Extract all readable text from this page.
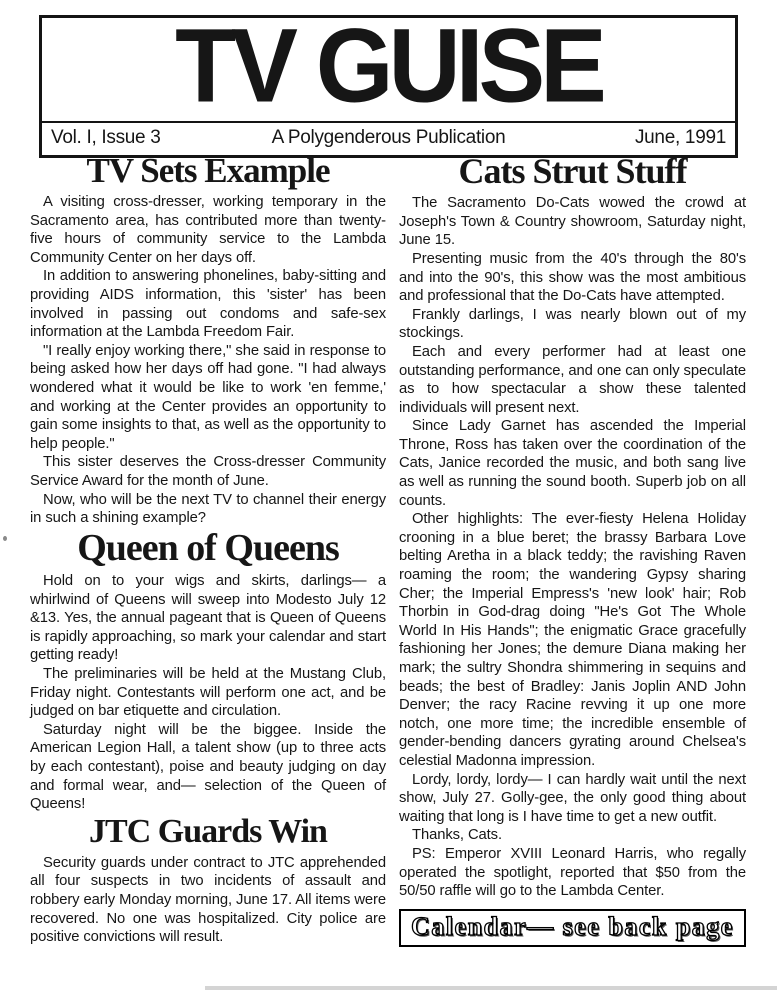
TV GUISE
Vol. I, Issue 3	A Polygenderous Publication	June, 1991
TV Sets Example

A visiting cross-dresser, working temporary in the Sacramento area, has contributed more than twenty-five hours of community service to the Lambda Community Center on her days off.

In addition to answering phonelines, baby-sitting and providing AIDS information, this 'sister' has been involved in passing out condoms and safe-sex information at the Lambda Freedom Fair.

"I really enjoy working there," she said in response to being asked how her days off had gone. "I had always wondered what it would be like to work 'en femme,' and working at the Center provides an opportunity to gain some insights to that, as well as the opportunity to help people."

This sister deserves the Cross-dresser Community Service Award for the month of June.

Now, who will be the next TV to channel their energy in such a shining example?

Queen of Queens

Hold on to your wigs and skirts, darlings— a whirlwind of Queens will sweep into Modesto July 12 &13. Yes, the annual pageant that is Queen of Queens is rapidly approaching, so mark your calendar and start getting ready!

The preliminaries will be held at the Mustang Club, Friday night. Contestants will perform one act, and be judged on bar etiquette and circulation.

Saturday night will be the biggee. Inside the American Legion Hall, a talent show (up to three acts by each contestant), poise and beauty judging on day and formal wear, and— selection of the Queen of Queens!

JTC Guards Win

Security guards under contract to JTC apprehended all four suspects in two incidents of assault and robbery early Monday morning, June 17. All items were recovered. No one was hospitalized. City police are positive convictions will result.

Cats Strut Stuff

The Sacramento Do-Cats wowed the crowd at Joseph's Town & Country showroom, Saturday night, June 15.

Presenting music from the 40's through the 80's and into the 90's, this show was the most ambitious and professional that the Do-Cats have attempted.

Frankly darlings, I was nearly blown out of my stockings.

Each and every performer had at least one outstanding performance, and one can only speculate as to how spectacular a show these talented individuals will present next.

Since Lady Garnet has ascended the Imperial Throne, Ross has taken over the coordination of the Cats, Janice recorded the music, and both sang live as well as running the sound booth. Superb job on all counts.

Other highlights: The ever-fiesty Helena Holiday crooning in a blue beret; the brassy Barbara Love belting Aretha in a black teddy; the ravishing Raven roaming the room; the wandering Gypsy sharing Cher; the Imperial Empress's 'new look' hair; Rob Thorbin in God-drag doing "He's Got The Whole World In His Hands"; the enigmatic Grace gracefully fashioning her Jones; the demure Diana making her mark; the sultry Shondra shimmering in sequins and beads; the best of Bradley: Janis Joplin AND John Denver; the racy Racine revving it up one more notch, one more time; the incredible ensemble of gender-bending dancers gyrating around Chelsea's celestial Madonna impression.

Lordy, lordy, lordy— I can hardly wait until the next show, July 27. Golly-gee, the only good thing about waiting that long is I have time to get a new outfit.

Thanks, Cats.

PS: Emperor XVIII Leonard Harris, who regally operated the spotlight, reported that $50 from the 50/50 raffle will go to the Lambda Center.

Calendar— see back page
